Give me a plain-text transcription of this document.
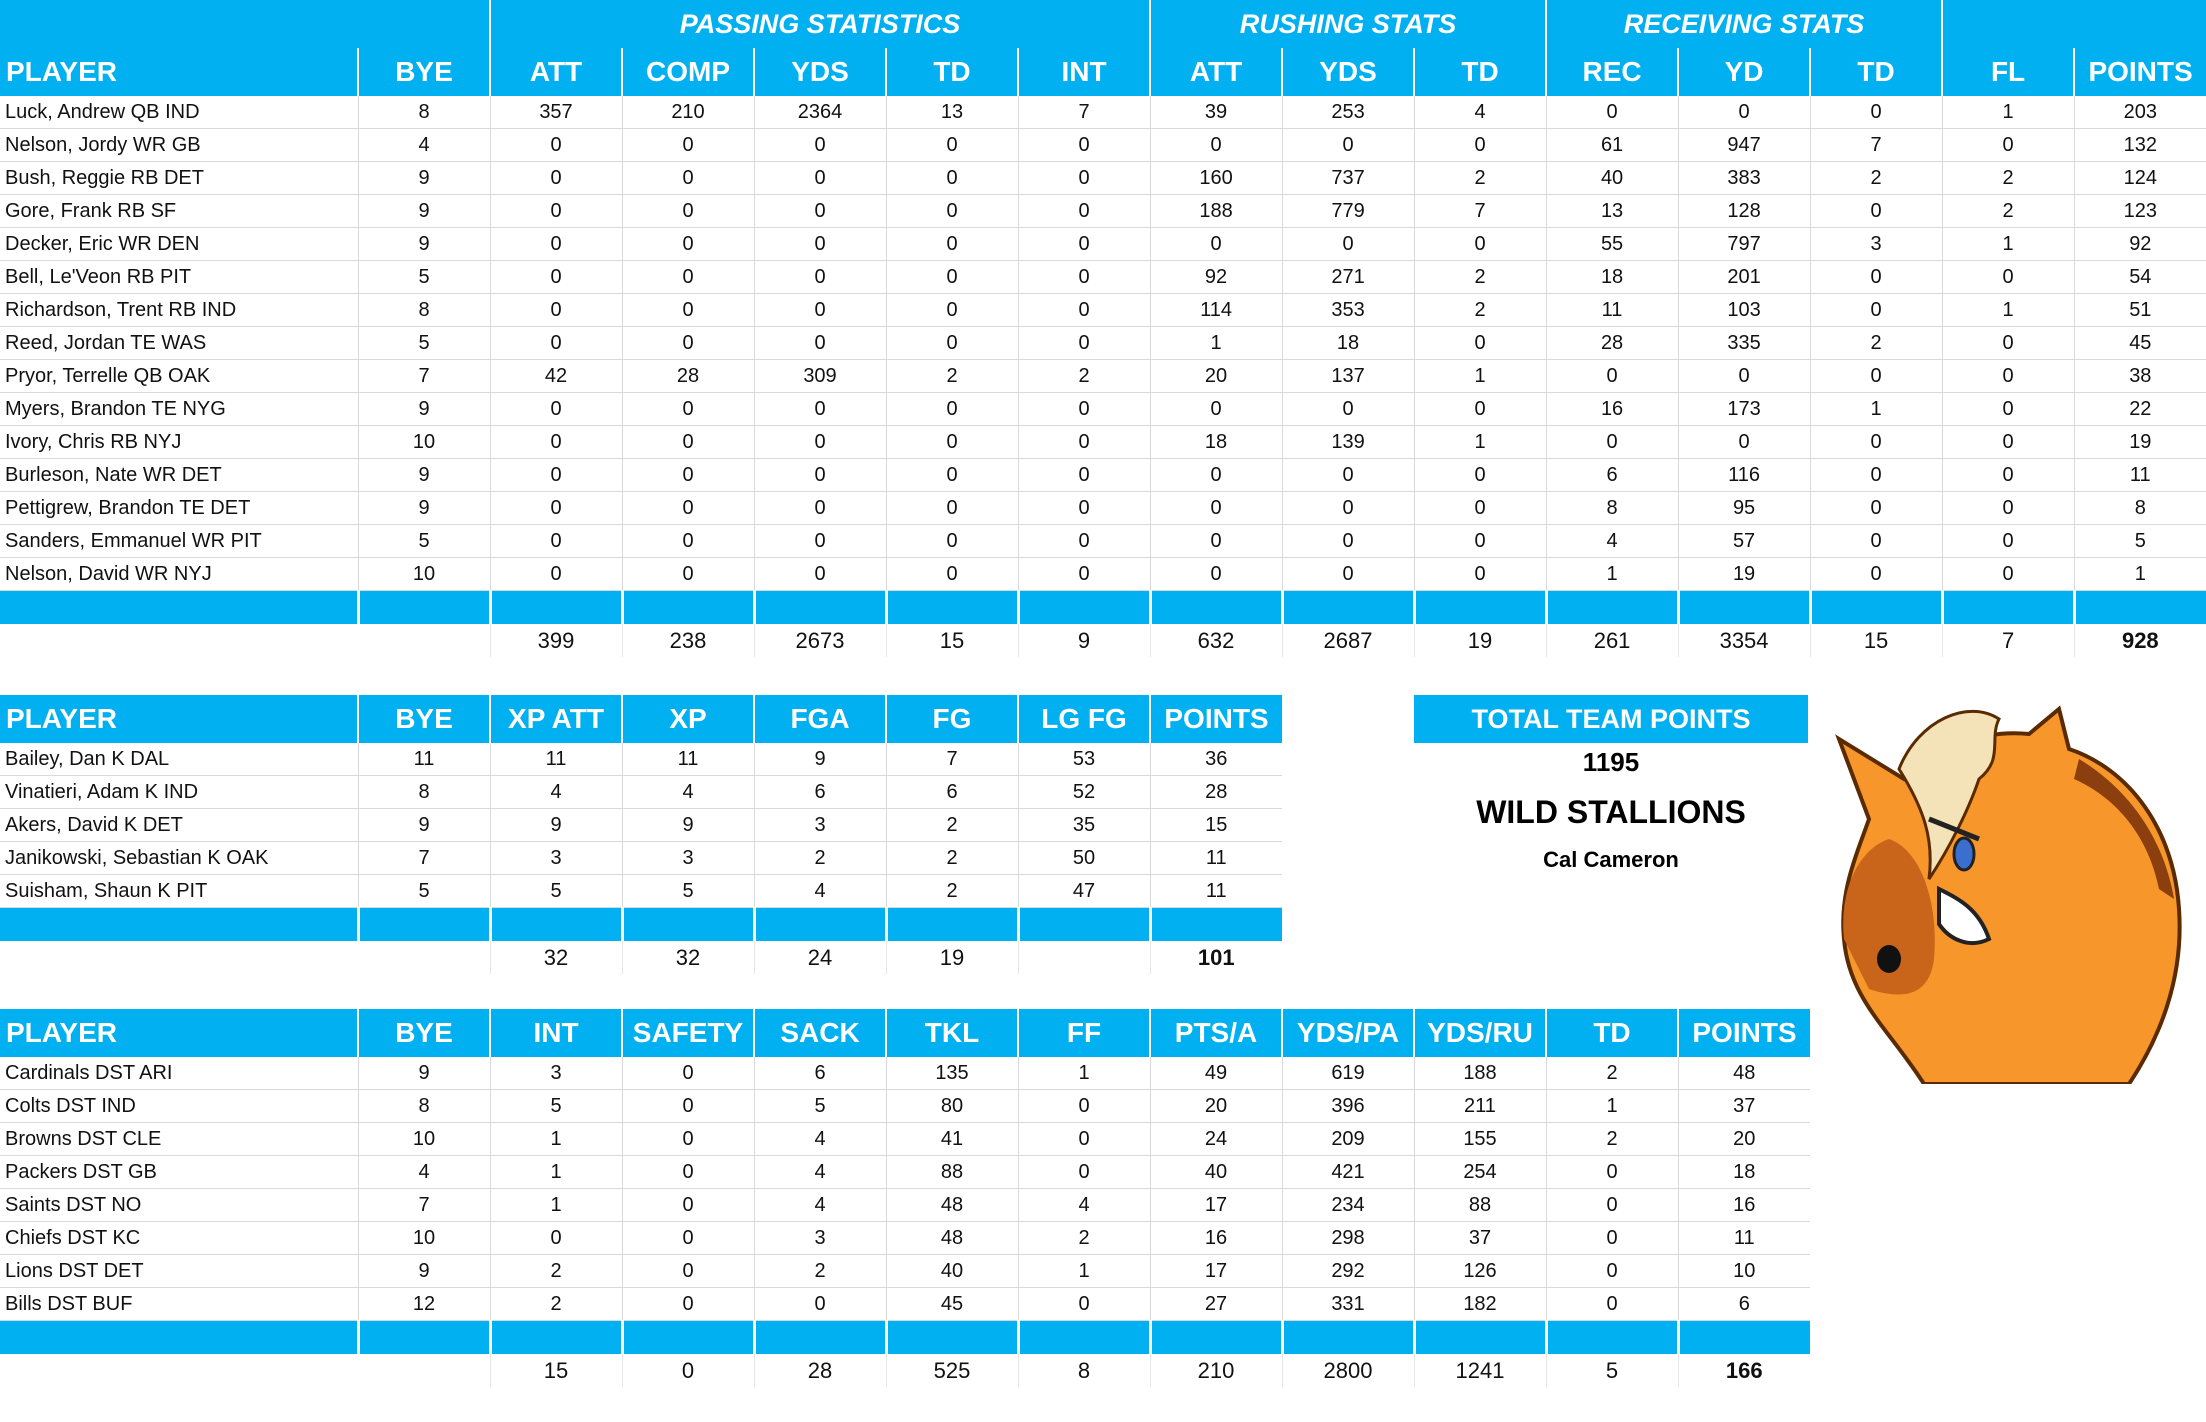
		PASSING STATISTICS					RUSHING STATS			RECEIVING STATS				
PLAYER	BYE	ATT	COMP	YDS	TD	INT	ATT	YDS	TD	REC	YD	TD	FL	POINTS
Luck, Andrew QB IND	8	357	210	2364	13	7	39	253	4	0	0	0	1	203
Nelson, Jordy WR GB	4	0	0	0	0	0	0	0	0	61	947	7	0	132
Bush, Reggie RB DET	9	0	0	0	0	0	160	737	2	40	383	2	2	124
Gore, Frank RB SF	9	0	0	0	0	0	188	779	7	13	128	0	2	123
Decker, Eric WR DEN	9	0	0	0	0	0	0	0	0	55	797	3	1	92
Bell, Le'Veon RB PIT	5	0	0	0	0	0	92	271	2	18	201	0	0	54
Richardson, Trent RB IND	8	0	0	0	0	0	114	353	2	11	103	0	1	51
Reed, Jordan TE WAS	5	0	0	0	0	0	1	18	0	28	335	2	0	45
Pryor, Terrelle QB OAK	7	42	28	309	2	2	20	137	1	0	0	0	0	38
Myers, Brandon TE NYG	9	0	0	0	0	0	0	0	0	16	173	1	0	22
Ivory, Chris RB NYJ	10	0	0	0	0	0	18	139	1	0	0	0	0	19
Burleson, Nate WR DET	9	0	0	0	0	0	0	0	0	6	116	0	0	11
Pettigrew, Brandon TE DET	9	0	0	0	0	0	0	0	0	8	95	0	0	8
Sanders, Emmanuel WR PIT	5	0	0	0	0	0	0	0	0	4	57	0	0	5
Nelson, David WR NYJ	10	0	0	0	0	0	0	0	0	1	19	0	0	1

		399	238	2673	15	9	632	2687	19	261	3354	15	7	928
PLAYER	BYE	XP ATT	XP	FGA	FG	LG FG	POINTS
Bailey, Dan K DAL	11	11	11	9	7	53	36
Vinatieri, Adam K IND	8	4	4	6	6	52	28
Akers, David K DET	9	9	9	3	2	35	15
Janikowski, Sebastian K OAK	7	3	3	2	2	50	11
Suisham, Shaun K PIT	5	5	5	4	2	47	11

		32	32	24	19		101
PLAYER	BYE	INT	SAFETY	SACK	TKL	FF	PTS/A	YDS/PA	YDS/RU	TD	POINTS
Cardinals DST ARI	9	3	0	6	135	1	49	619	188	2	48
Colts DST IND	8	5	0	5	80	0	20	396	211	1	37
Browns DST CLE	10	1	0	4	41	0	24	209	155	2	20
Packers DST GB	4	1	0	4	88	0	40	421	254	0	18
Saints DST NO	7	1	0	4	48	4	17	234	88	0	16
Chiefs DST KC	10	0	0	3	48	2	16	298	37	0	11
Lions DST DET	9	2	0	2	40	1	17	292	126	0	10
Bills DST BUF	12	2	0	0	45	0	27	331	182	0	6

		15	0	28	525	8	210	2800	1241	5	166
TOTAL TEAM POINTS
1195
WILD STALLIONS
Cal Cameron
